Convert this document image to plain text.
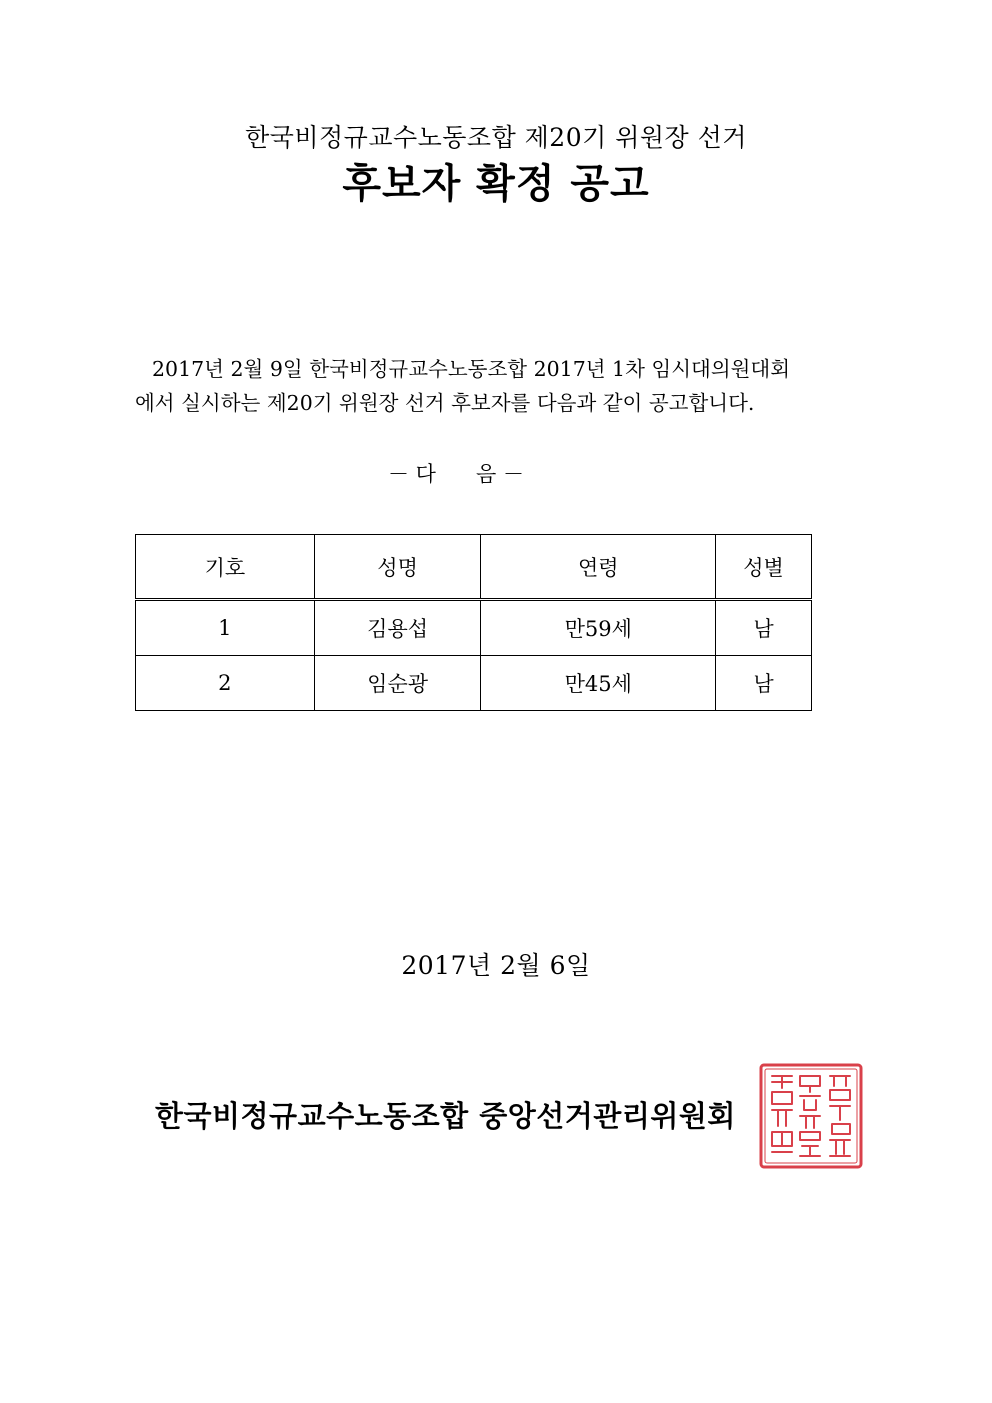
한국비정규교수노동조합 제20기 위원장 선거
후보자 확정 공고
2017년 2월 9일 한국비정규교수노동조합 2017년 1차 임시대의원대회
에서 실시하는 제20기 위원장 선거 후보자를 다음과 같이 공고합니다.
－ 다      음 －
기호	성명	연령	성별
1	김용섭	만59세	남
2	임순광	만45세	남
2017년 2월 6일
한국비정규교수노동조합 중앙선거관리위원회
